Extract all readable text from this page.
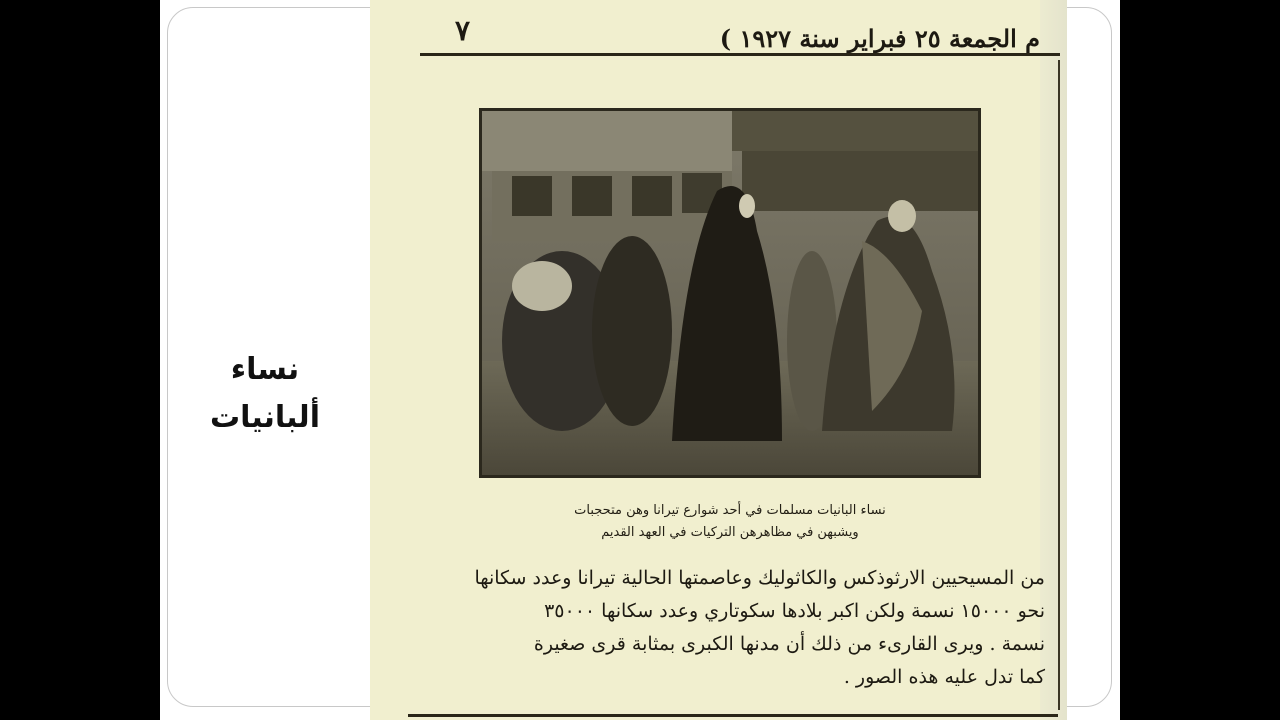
نساء
ألبانيات
٧	م الجمعة ٢٥ فبراير سنة ١٩٢٧ )
نساء البانيات مسلمات في أحد شوارع تيرانا وهن متحجبات
ويشبهن في مظاهرهن التركيات في العهد القديم
من المسيحيين الارثوذكس والكاثوليك وعاصمتها الحالية تيرانا وعدد سكانها
نحو ١٥٠٠٠ نسمة ولكن اكبر بلادها سكوتاري وعدد سكانها ٣٥٠٠٠
نسمة . ويرى القارىء من ذلك أن مدنها الكبرى بمثابة قرى صغيرة
كما تدل عليه هذه الصور .
